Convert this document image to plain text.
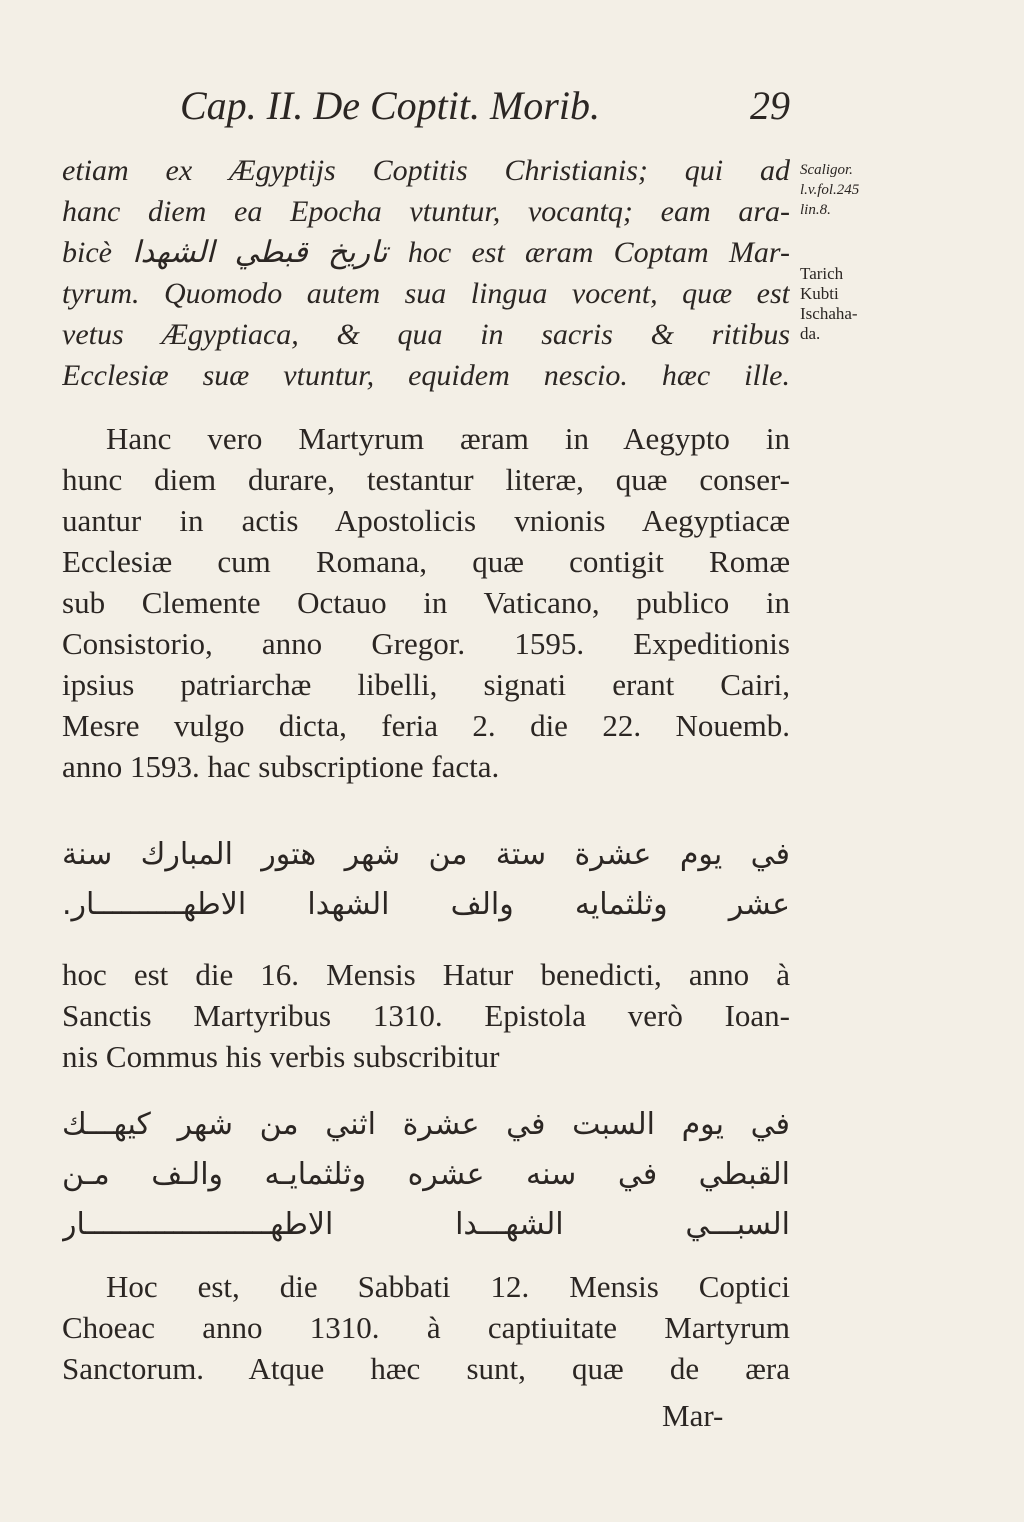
Cap. II. De Coptit. Morib.	29
etiam ex Ægyptijs Coptitis Christianis; qui ad
hanc diem ea Epocha vtuntur, vocantq; eam ara-
bicè تاريخ قبطي الشهدا hoc est æram Coptam Mar-
tyrum. Quomodo autem sua lingua vocent, quæ est
vetus Ægyptiaca, & qua in sacris & ritibus
Ecclesiæ suæ vtuntur, equidem nescio. hæc ille.
Hanc vero Martyrum æram in Aegypto in
hunc diem durare, testantur literæ, quæ conser-
uantur in actis Apostolicis vnionis Aegyptiacæ
Ecclesiæ cum Romana, quæ contigit Romæ
sub Clemente Octauo in Vaticano, publico in
Consistorio, anno Gregor. 1595. Expeditionis
ipsius patriarchæ libelli, signati erant Cairi,
Mesre vulgo dicta, feria 2. die 22. Nouemb.
anno 1593. hac subscriptione facta.
في يوم عشرة ستة من شهر هتور المبارك سنة
عشر وثلثمايه والف الشهدا الاطهــــــــــار.
hoc est die 16. Mensis Hatur benedicti, anno à
Sanctis Martyribus 1310. Epistola verò Ioan-
nis Commus his verbis subscribitur
في يوم السبت في عشرة اثني من شهر كيهـــك
القبطي في سنه عشره وثلثمايـه والـف مـن
السبـــي الشهـــدا الاطهـــــــــــــــــــــار
Hoc est, die Sabbati 12. Mensis Coptici
Choeac anno 1310. à captiuitate Martyrum
Sanctorum. Atque hæc sunt, quæ de æra
Mar-
Scaligor.
l.v.fol.245
lin.8.
Tarich
Kubti
Ischaha-
da.
